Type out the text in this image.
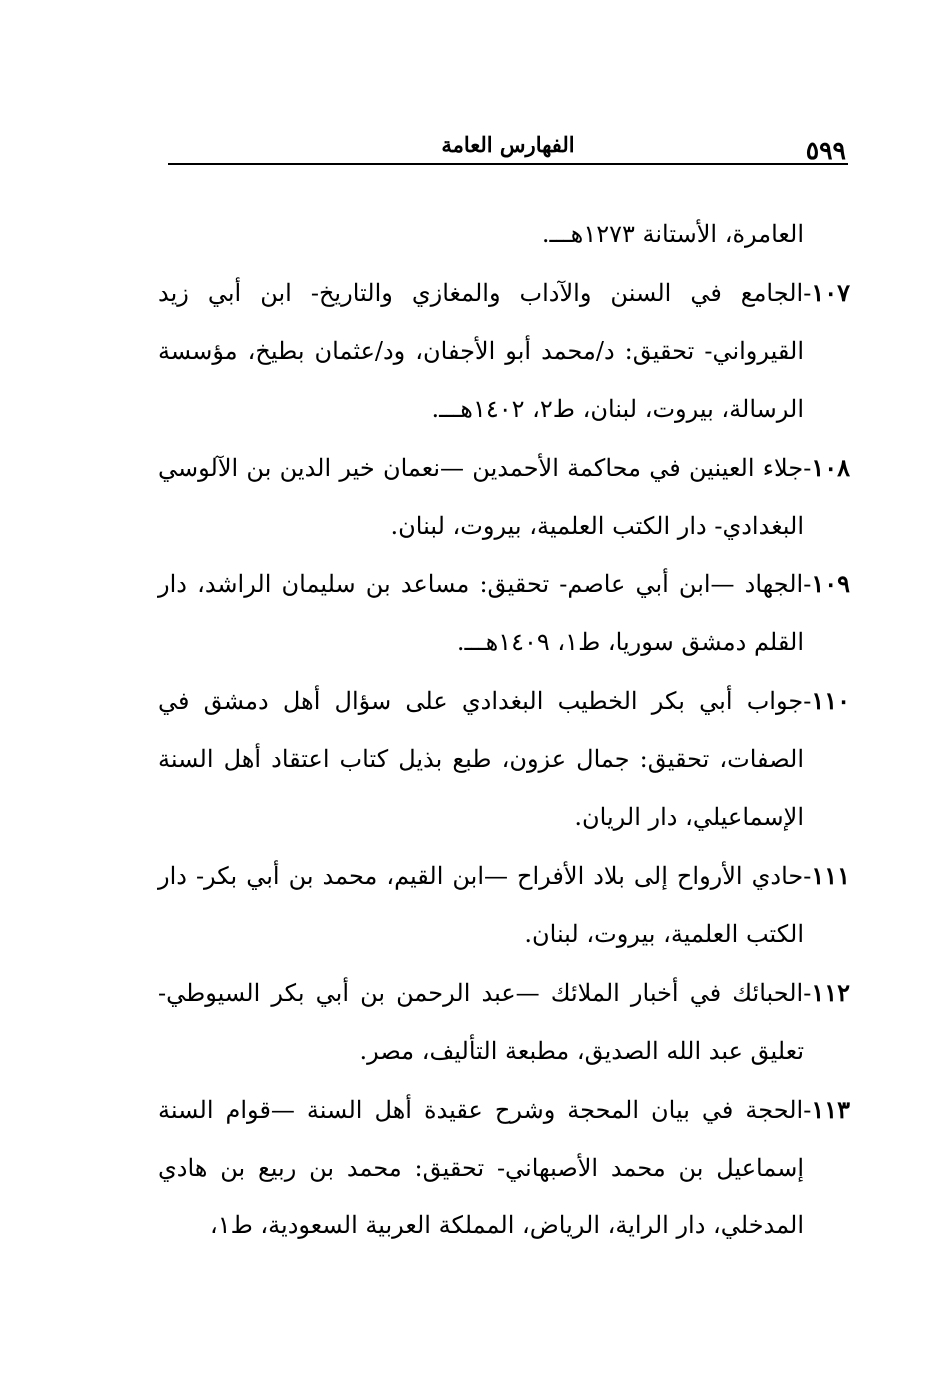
٥٩٩
الفهارس العامة

العامرة، الأستانة ١٢٧٣هـــ.

١٠٧-الجامع في السنن والآداب والمغازي والتاريخ- ابن أبي زيد القيرواني- تحقيق: د/محمد أبو الأجفان، ود/عثمان بطيخ، مؤسسة الرسالة، بيروت، لبنان، ط٢، ١٤٠٢هـــ.

١٠٨-جلاء العينين في محاكمة الأحمدين —نعمان خير الدين بن الآلوسي البغدادي- دار الكتب العلمية، بيروت، لبنان.

١٠٩-الجهاد —ابن أبي عاصم- تحقيق: مساعد بن سليمان الراشد، دار القلم دمشق سوريا، ط١، ١٤٠٩هـــ.

١١٠-جواب أبي بكر الخطيب البغدادي على سؤال أهل دمشق في الصفات، تحقيق: جمال عزون، طبع بذيل كتاب اعتقاد أهل السنة الإسماعيلي، دار الريان.

١١١-حادي الأرواح إلى بلاد الأفراح —ابن القيم، محمد بن أبي بكر- دار الكتب العلمية، بيروت، لبنان.

١١٢-الحبائك في أخبار الملائك —عبد الرحمن بن أبي بكر السيوطي- تعليق عبد الله الصديق، مطبعة التأليف، مصر.

١١٣-الحجة في بيان المحجة وشرح عقيدة أهل السنة —قوام السنة إسماعيل بن محمد الأصبهاني- تحقيق: محمد بن ربيع بن هادي المدخلي، دار الراية، الرياض، المملكة العربية السعودية، ط١،
